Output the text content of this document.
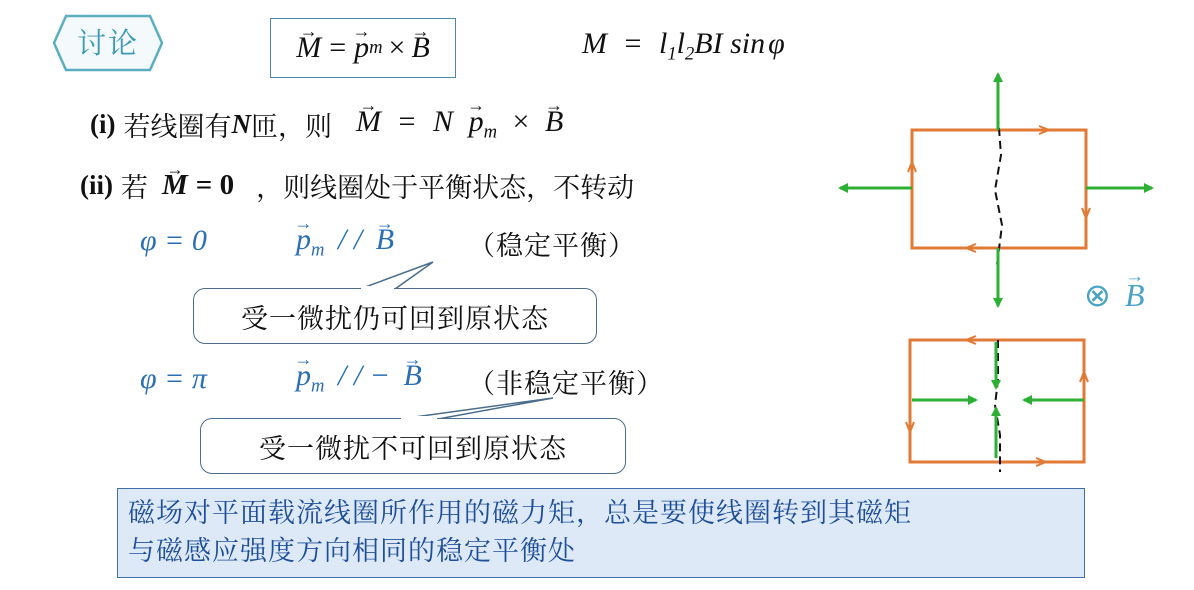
讨论	→ M = → p m × → B	$M = l_1l_2BI$ sin φ
(i) 若线圈有 N 匝，则 → $M = N \to p_m$ × → B
(ii) 若 → M = 0 ，则线圈处于平衡状态，不转动
φ = 0	→ $p_m$ / / → B	（稳定平衡）
受一微扰仍可回到原状态
φ = π	→ $p_m$ / / − → B （非稳定平衡）
受一微扰不可回到原状态
⊗ → B
磁场对平面载流线圈所作用的磁力矩，总是要使线圈转到其磁矩
与磁感应强度方向相同的稳定平衡处
